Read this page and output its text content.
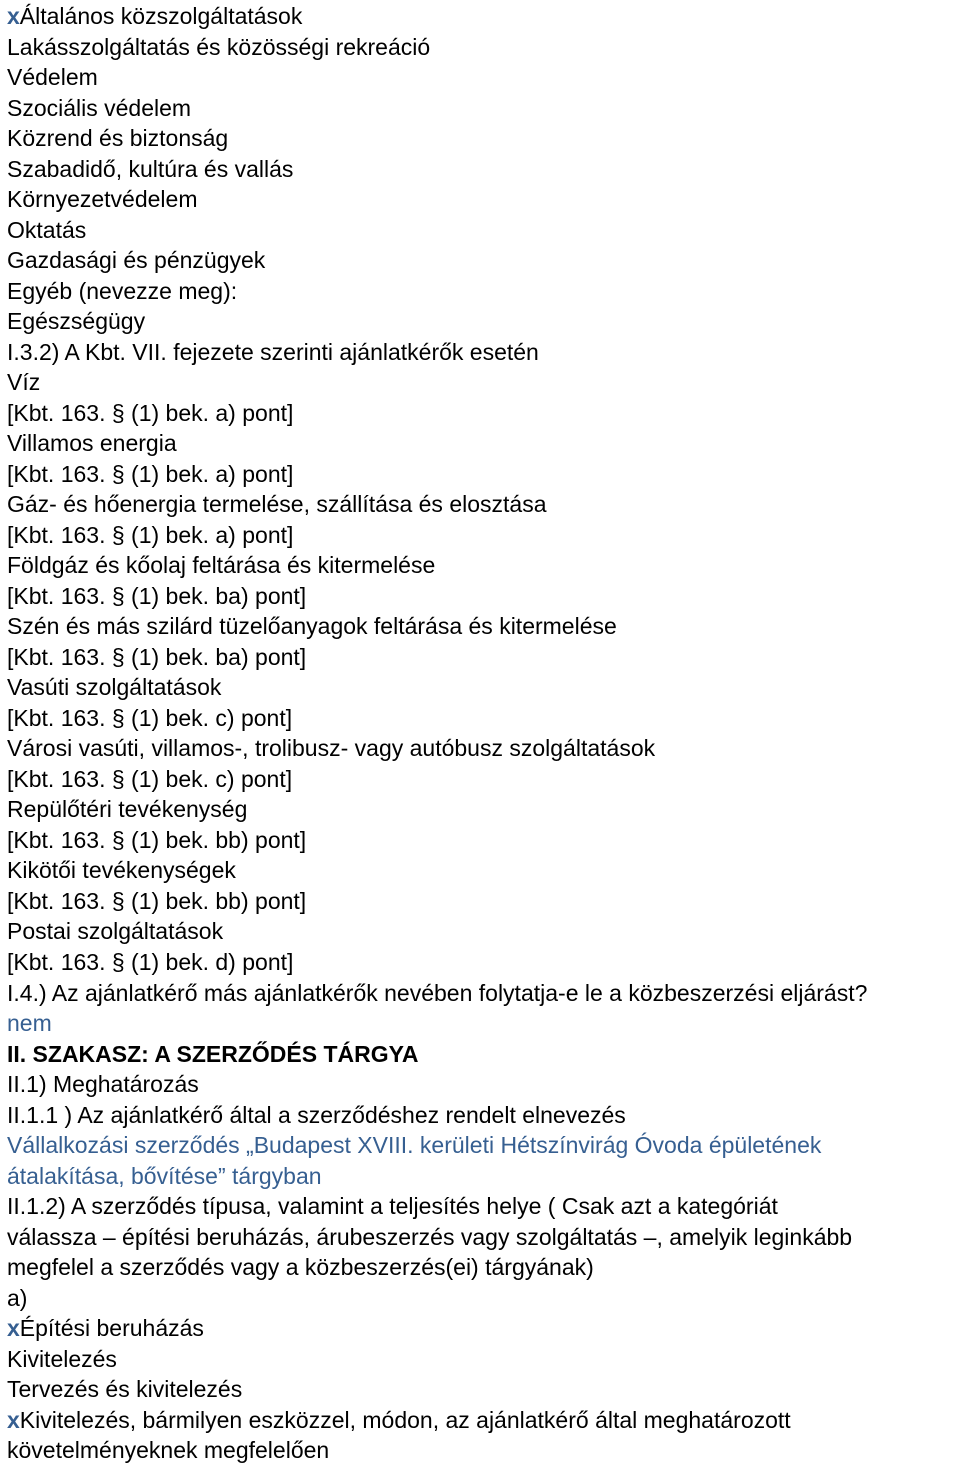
xÁltalános közszolgáltatások
Lakásszolgáltatás és közösségi rekreáció
Védelem
Szociális védelem
Közrend és biztonság
Szabadidő, kultúra és vallás
Környezetvédelem
Oktatás
Gazdasági és pénzügyek
Egyéb (nevezze meg):
Egészségügy
I.3.2) A Kbt. VII. fejezete szerinti ajánlatkérők esetén
Víz
[Kbt. 163. § (1) bek. a) pont]
Villamos energia
[Kbt. 163. § (1) bek. a) pont]
Gáz- és hőenergia termelése, szállítása és elosztása
[Kbt. 163. § (1) bek. a) pont]
Földgáz és kőolaj feltárása és kitermelése
[Kbt. 163. § (1) bek. ba) pont]
Szén és más szilárd tüzelőanyagok feltárása és kitermelése
[Kbt. 163. § (1) bek. ba) pont]
Vasúti szolgáltatások
[Kbt. 163. § (1) bek. c) pont]
Városi vasúti, villamos-, trolibusz- vagy autóbusz szolgáltatások
[Kbt. 163. § (1) bek. c) pont]
Repülőtéri tevékenység
[Kbt. 163. § (1) bek. bb) pont]
Kikötői tevékenységek
[Kbt. 163. § (1) bek. bb) pont]
Postai szolgáltatások
[Kbt. 163. § (1) bek. d) pont]
I.4.) Az ajánlatkérő más ajánlatkérők nevében folytatja-e le a közbeszerzési eljárást?
nem
II. SZAKASZ: A SZERZŐDÉS TÁRGYA
II.1) Meghatározás
II.1.1 ) Az ajánlatkérő által a szerződéshez rendelt elnevezés
Vállalkozási szerződés „Budapest XVIII. kerületi Hétszínvirág Óvoda épületének
átalakítása, bővítése” tárgyban
II.1.2) A szerződés típusa, valamint a teljesítés helye ( Csak azt a kategóriát
válassza – építési beruházás, árubeszerzés vagy szolgáltatás –, amelyik leginkább
megfelel a szerződés vagy a közbeszerzés(ei) tárgyának)
a)
xÉpítési beruházás
Kivitelezés
Tervezés és kivitelezés
xKivitelezés, bármilyen eszközzel, módon, az ajánlatkérő által meghatározott
követelményeknek megfelelően
